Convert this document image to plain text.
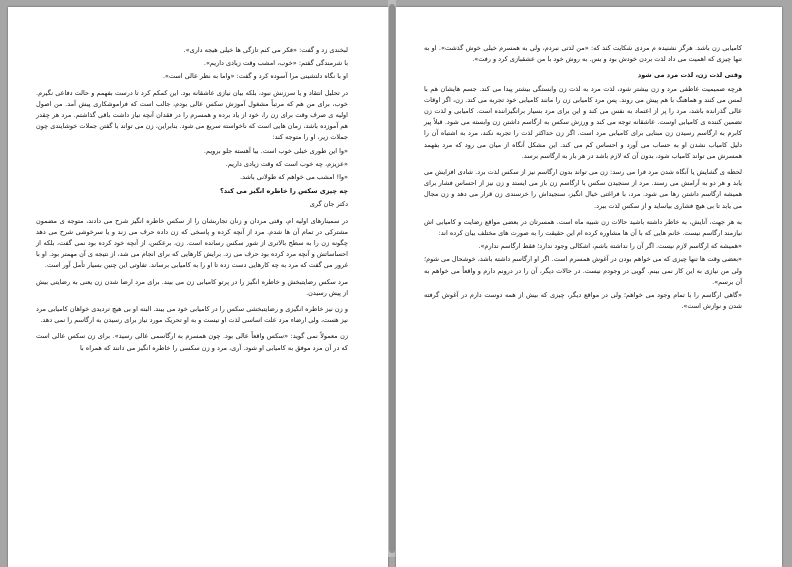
لبخندی زد و گفت: «فکر می کنم تازگی ها خیلی هیجه داری».

با شرمندگی گفتم: «خوب، امشب وقت زیادی داریم».

او با نگاه دلتشینی مرا آسوده کرد و گفت: «واما به نظر عالی است».

در تحلیل انتقاد و یا سرزنش نبود، بلکه بیان نیازی عاشقانه بود. این کمکم کرد تا درست بفهمم و حالت دفاعی نگیرم. خوب، برای من هم که مرتباً مشغول آموزش سکس عالی بودم، جالب است که فراموشکاری پیش آمد. من اصول اولیه ی صرف وقت برای زن را، خود از یاد برده و همسرم را در فقدان آنچه نیاز داشت باقی گذاشتم. مرد هر چقدر هم آموزده باشد، زمان هایی است که ناخواسته سریع می شود. بنابراین، زن می تواند با گفتن جملات خوشایندی چون جملات زیر، او را متوجه کند:

«وا این طوری خیلی خوب است. بیا آهسته جلو برویم.

«عزیزم، چه خوب است که وقت زیادی داریم.

«وا! امشب می خواهم که طولانی باشد.

چه چیزی سکس را خاطره انگیز می کند؟

دکتر جان گری

در سمینارهای اولیه ام، وقتی مردان و زنان تجاربشان را از سکس خاطره انگیز شرح می دادند، متوجه ی مضمون مشترکی در تمام آن ها شدم. مرد از آنچه کرده و پاسخی که زن داده حرف می زند و یا سرخوشی شرح می دهد چگونه زن را به سطح بالاتری از شور سکس رسانده است. زن، برعکس، از آنچه خود کرده بود نمی گفت، بلکه از احساساتش و آنچه مرد کرده بود حرف می زد. برایش کارهایی که برای انجام می شد، از نتیجه ی آن مهمتر بود. او با غرور می گفت که مرد به چه کارهایی دست زده تا او را به کامیابی برساند. تفاوتی این چنین بسیار تأمل آور است.

مرد سکس رضایتبخش و خاطره انگیز را در پرتو کامیابی زن می بیند. برای مرد ارضا شدن زن یعنی به رضایتی بیش از پیش رسیدن.

و زن نیز خاطره انگیزی و رضایتبخشی سکس را در کامیابی خود می بیند. البته او بی هیچ تردیدی خواهان کامیابی مرد نیز هست، ولی ارضاء مرد علت اساسی لذت او نیست و به او تحریک مورد نیاز برای رسیدن به ارگاسم را نمی دهد.

زن معمولاً نمی گوید: «سکس واقعاً عالی بود. چون همسرم به ارگاسمی عالی رسید». برای زن سکس عالی است که در آن مرد موفق به کامیابی او شود. آری، مرد و زن سکسی را خاطره انگیز می دانند که همراه با

کامیابی زن باشد. هرگز نشنیده م مردی شکایت کند که: «من لذتی نبردم، ولی به همسرم خیلی خوش گذشت». او به تنها چیزی که اهمیت می داد لذت بردن خودش بود و بس. به روش خود با من عشقبازی کرد و رفت».

وقتی لذت زن، لذت مرد می شود

هرچه صمیمیت عاطفی مرد و زن بیشتر شود، لذت مرد به لذت زن وابستگی بیشتر پیدا می کند. جسم هایشان هم با لمس می کنند و هماهنگ با هم پیش می روند. پس مرد کامیابی زن را مانند کامیابی خود تجربه می کند. زن، اگر اوقات عالی گذرانده باشد، مرد را پر از اعتماد به نفس می کند و این برای مرد بسیار برانگیزاننده است. کامیابی و لذت زن تضمین کننده ی کامیابی اوست. عاشقانه توجه می کند و ورزش سکس به ارگاسم داشتن زن وابسته می شود. قبلاً پیر کابرم به ارگاسم رسیدن زن مبنایی برای کامیابی مرد است. اگر زن حداکثر لذت را تجربه نکند، مرد به اشتباه آن را دلیل کامیاب نشدن او به حساب می آورد و احساس کم می کند. این مشکل آنگاه از میان می رود که مرد بفهمد همسرش می تواند کامیاب شود، بدون آن که لازم باشد در هر بار به ارگاسم برسد.

لحظه ی گشایش یا آنگاه شدن مرد فرا می رسد: زن می تواند بدون ارگاسم نیز از سکس لذت برد. شادی افزایش می یابد و هر دو به آرامش می رسند. مرد از سنجیدن سکس با ارگاسم زن باز می ایستد و زن نیز از احساس فشار برای همیشه ارگاسم داشتن رها می شود. مرد، با فراغتی خیال انگیز، سنجیداش را خرسندی زن قرار می دهد و زن مجال می یابد تا بی هیچ فشاری بیاساید و از سکس لذت ببرد.

به هر جهت، آنایش، به خاطر داشته باشید حالات زن شبیه ماه است. همسرتان در بعضی مواقع رضایت و کامیابی اش نیازمند ارگاسم نیست. خانم هایی که با آن ها مشاوره کرده ام این حقیقت را به صورت های مختلف بیان کرده اند:

«همیشه که ارگاسم لازم نیست. اگر آن را نداشته باشم، اشکالی وجود ندارد؛ فقط ارگاسم ندارم».

«بعضی وقت ها تنها چیزی که می خواهم بودن در آغوش همسرم است. اگر او ارگاسم داشته باشد، خوشحال می شوم؛ ولی من نیازی به این کار نمی بینم. گویی در وجودم نیست. در حالات دیگر، آن را در درونم دارم و واقعاً می خواهم به آن برسم».

«گاهی ارگاسم را با تمام وجود می خواهم؛ ولی در مواقع دیگر، چیزی که بیش از همه دوست دارم در آغوش گرفته شدن و نوازش است».
